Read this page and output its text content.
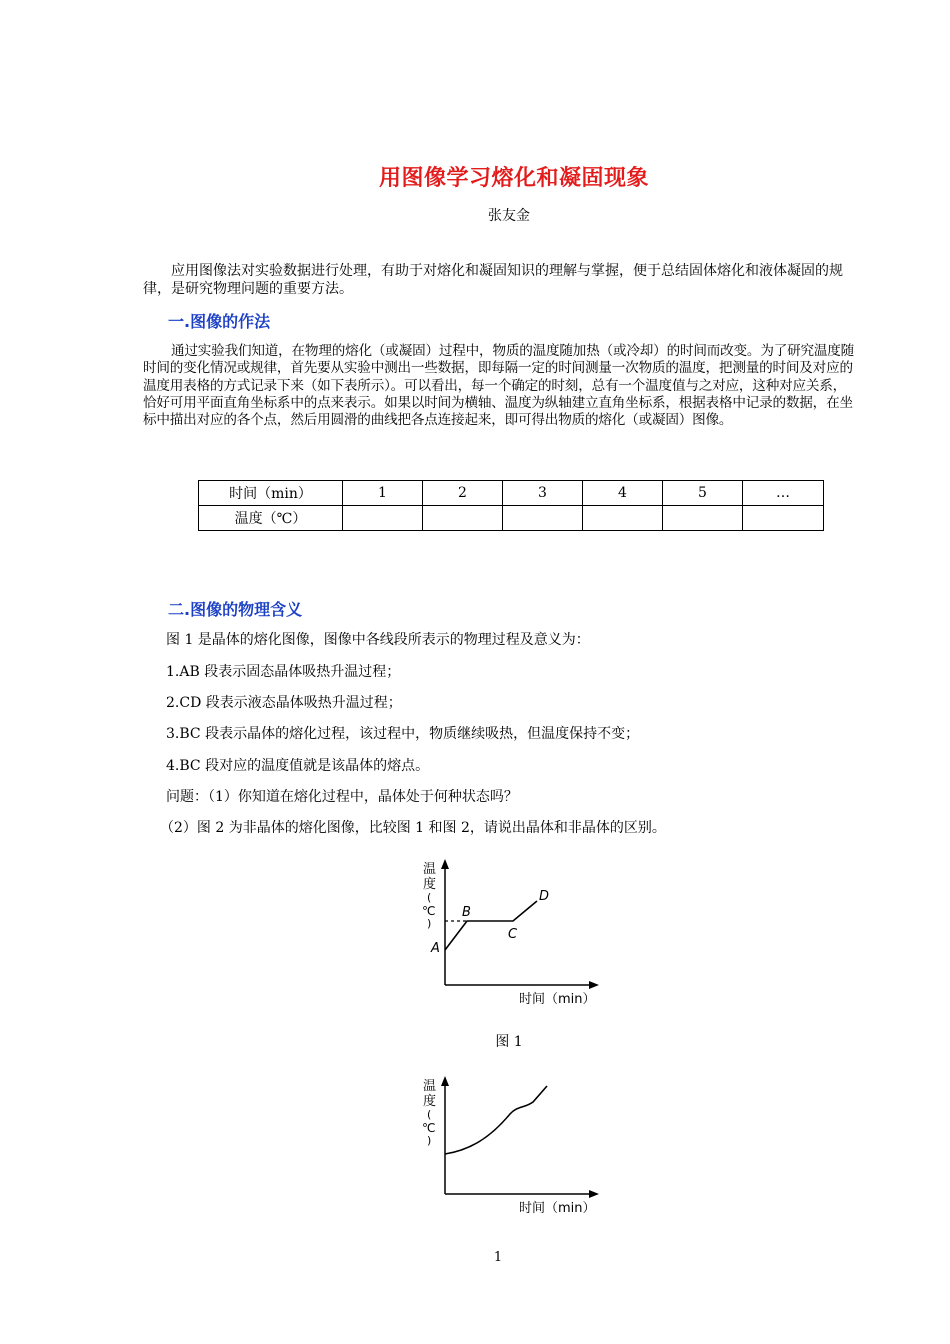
用图像学习熔化和凝固现象
张友金

应用图像法对实验数据进行处理，有助于对熔化和凝固知识的理解与掌握，便于总结固体熔化和液体凝固的规律，是研究物理问题的重要方法。

一.图像的作法

通过实验我们知道，在物理的熔化（或凝固）过程中，物质的温度随加热（或冷却）的时间而改变。为了研究温度随时间的变化情况或规律，首先要从实验中测出一些数据，即每隔一定的时间测量一次物质的温度，把测量的时间及对应的温度用表格的方式记录下来（如下表所示）。可以看出，每一个确定的时刻，总有一个温度值与之对应，这种对应关系，恰好可用平面直角坐标系中的点来表示。如果以时间为横轴、温度为纵轴建立直角坐标系，根据表格中记录的数据，在坐标中描出对应的各个点，然后用圆滑的曲线把各点连接起来，即可得出物质的熔化（或凝固）图像。

时间（min）	1	2	3	4	5	…
温度（℃）						
二.图像的物理含义
图 1 是晶体的熔化图像，图像中各线段所表示的物理过程及意义为：
1.AB 段表示固态晶体吸热升温过程；
2.CD 段表示液态晶体吸热升温过程；
3.BC 段表示晶体的熔化过程，该过程中，物质继续吸热，但温度保持不变；
4.BC 段对应的温度值就是该晶体的熔点。
问题：（1）你知道在熔化过程中，晶体处于何种状态吗？
（2）图 2 为非晶体的熔化图像，比较图 1 和图 2，请说出晶体和非晶体的区别。
温
度
(
℃
)
A
B
C
D
时间（min）
图 1
温
度
(
℃
)
时间（min）
1
